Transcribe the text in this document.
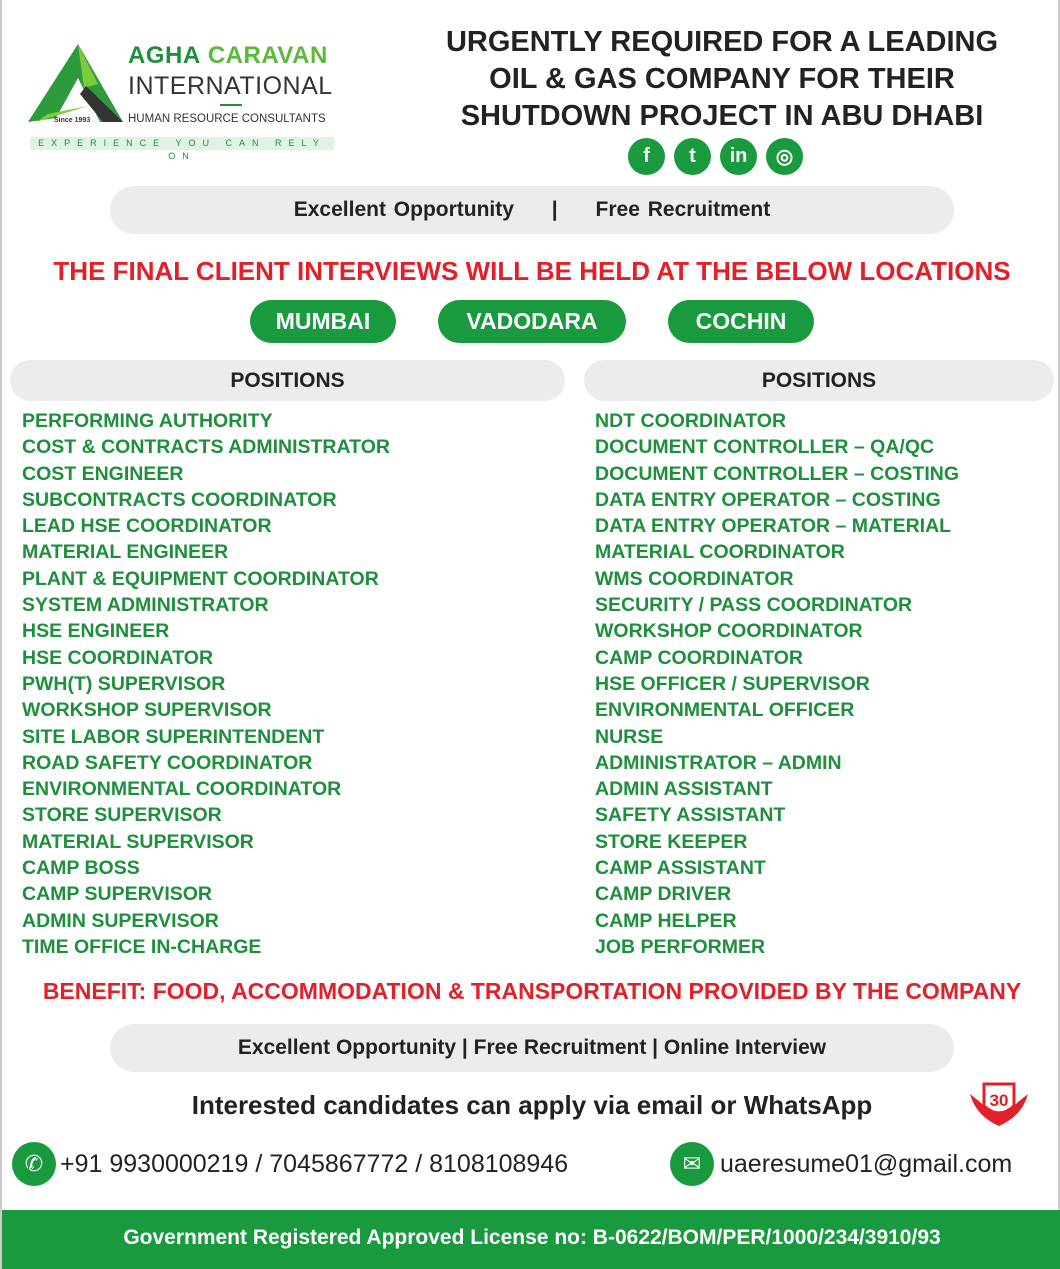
AGHA CARAVAN
INTERNATIONAL
HUMAN RESOURCE CONSULTANTS
Since 1993
EXPERIENCE YOU CAN RELY ON
URGENTLY REQUIRED FOR A LEADING
OIL & GAS COMPANY FOR THEIR
SHUTDOWN PROJECT IN ABU DHABI
f	t	in	◎
Excellent Opportunity | Free Recruitment
THE FINAL CLIENT INTERVIEWS WILL BE HELD AT THE BELOW LOCATIONS
MUMBAI	VADODARA	COCHIN
POSITIONS	POSITIONS
PERFORMING AUTHORITY
COST & CONTRACTS ADMINISTRATOR
COST ENGINEER
SUBCONTRACTS COORDINATOR
LEAD HSE COORDINATOR
MATERIAL ENGINEER
PLANT & EQUIPMENT COORDINATOR
SYSTEM ADMINISTRATOR
HSE ENGINEER
HSE COORDINATOR
PWH(T) SUPERVISOR
WORKSHOP SUPERVISOR
SITE LABOR SUPERINTENDENT
ROAD SAFETY COORDINATOR
ENVIRONMENTAL COORDINATOR
STORE SUPERVISOR
MATERIAL SUPERVISOR
CAMP BOSS
CAMP SUPERVISOR
ADMIN SUPERVISOR
TIME OFFICE IN-CHARGE
NDT COORDINATOR
DOCUMENT CONTROLLER – QA/QC
DOCUMENT CONTROLLER – COSTING
DATA ENTRY OPERATOR – COSTING
DATA ENTRY OPERATOR – MATERIAL
MATERIAL COORDINATOR
WMS COORDINATOR
SECURITY / PASS COORDINATOR
WORKSHOP COORDINATOR
CAMP COORDINATOR
HSE OFFICER / SUPERVISOR
ENVIRONMENTAL OFFICER
NURSE
ADMINISTRATOR – ADMIN
ADMIN ASSISTANT
SAFETY ASSISTANT
STORE KEEPER
CAMP ASSISTANT
CAMP DRIVER
CAMP HELPER
JOB PERFORMER
BENEFIT: FOOD, ACCOMMODATION & TRANSPORTATION PROVIDED BY THE COMPANY
Excellent Opportunity | Free Recruitment | Online Interview
Interested candidates can apply via email or WhatsApp	30
✆ +91 9930000219 / 7045867772 / 8108108946	✉ uaeresume01@gmail.com
Government Registered Approved License no: B-0622/BOM/PER/1000/234/3910/93
